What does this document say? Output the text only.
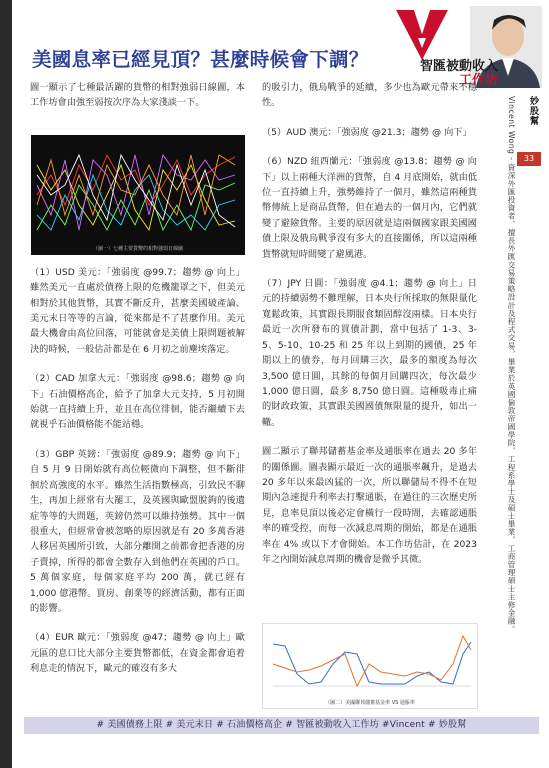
美國息率已經見頂？甚麼時候會下調？	智匯被動收入
工作坊

圖一顯示了七種最活躍的貨幣的相對強弱日線圖，本工作坊會由強至弱按次序為大家淺談一下。

（1）USD 美元：「強弱度 @99.7；趨勢 @ 向上」雖然美元一直處於債務上限的危機籠罩之下，但美元相對於其他貨幣，其實不斷反升，甚麼美國破產論、美元末日等等的言論，從來都是不了甚麼作用。美元最大機會由高位回落，可能就會是美債上限問題被解決的時候，一般估計都是在 6 月初之前塵埃落定。

（2）CAD 加拿大元：「強弱度 @98.6；趨勢 @ 向下」石油價格高企，給予了加拿大元支持，5 月初開始就一直持續上升，並且在高位徘徊，能否繼續下去就視乎石油價格能不能站穩。

（3）GBP 英鎊：「強弱度 @89.9；趨勢 @ 向下」自 5 月 9 日開始就有高位輕微向下調整，但不斷徘徊於高強度的水平。雖然生活指數極高，引致民不聊生，再加上經常有大罷工，及英國與歐盟脫鉤的後遺症等等的大問題，英鎊仍然可以維持強勢。其中一個很重大，但經常會被忽略的原因就是有 20 多萬香港人移居英國所引致，大部分離開之前都會把香港的房子賣掉，所得的都會全數存入到他們在英國的戶口。5 萬個家庭，每個家庭平均 200 萬，就已經有 1,000 億港幣。買房、創業等的經濟活動，都有正面的影響。

（4）EUR 歐元：「強弱度 @47；趨勢 @ 向上」歐元區的息口比大部分主要貨幣都低，在資金都會追着利息走的情況下，歐元的確沒有多大

（圖一）七種主要貨幣的相對強弱日線圖

的吸引力，俄烏戰爭的延續，多少也為歐元帶來不穩性。

（5）AUD 澳元：「強弱度 @21.3；趨勢 @ 向下」

（6）NZD 紐西蘭元：「強弱度 @13.8；趨勢 @ 向下」以上兩種大洋洲的貨幣，自 4 月底開始，就由低位一直持續上升，強勢維持了一個月，雖然這兩種貨幣傳統上是商品貨幣，但在過去的一個月內，它們就變了避險貨幣。主要的原因就是這兩個國家跟美國國債上限及俄烏戰爭沒有多大的直接關係，所以這兩種貨幣就短時間變了避風港。

（7）JPY 日圓：「強弱度 @4.1；趨勢 @ 向上」日元的持續弱勢不難理解，日本央行所採取的無限量化寬鬆政策，其實跟長期服食類固醇沒兩樣。日本央行最近一次所發布的買債計劃，當中包括了 1-3、3-5、5-10、10-25 和 25 年以上到期的國債，25 年期以上的債券，每月回購三次，最多的額度為每次 3,500 億日圓，其餘的每個月回購四次，每次最少 1,000 億日圓，最多 8,750 億日圓。這種吸毒止痛的財政政策，其實跟美國國債無限量的提升，如出一轍。

圖二顯示了聯邦儲蓄基金率及通脹率在過去 20 多年的關係圖。圖表顯示最近一次的通脹率飆升，是過去 20 多年以來最凶猛的一次，所以聯儲局不得不在短期內急速提升利率去打擊通脹，在過往的三次歷史所見，息率見頂以後必定會橫行一段時間，去確認通脹率的確受控，而每一次減息周期的開始，都是在通脹率在 4% 或以下才會開始。本工作坊估計，在 2023 年之內開始減息周期的機會是微乎其微。

（圖二）美國聯邦儲蓄基金率 VS 通脹率
Vincent Wong - 資深外匯投資者、擅長外匯交易策略設計及程式交易，畢業於英國倫敦帝國學院，工程系學士及碩士畢業，工商管理碩士主修金融。 妙股幫
33
# 美國債務上限 # 美元末日 # 石油價格高企 # 智匯被動收入工作坊 #Vincent # 妙股幫
